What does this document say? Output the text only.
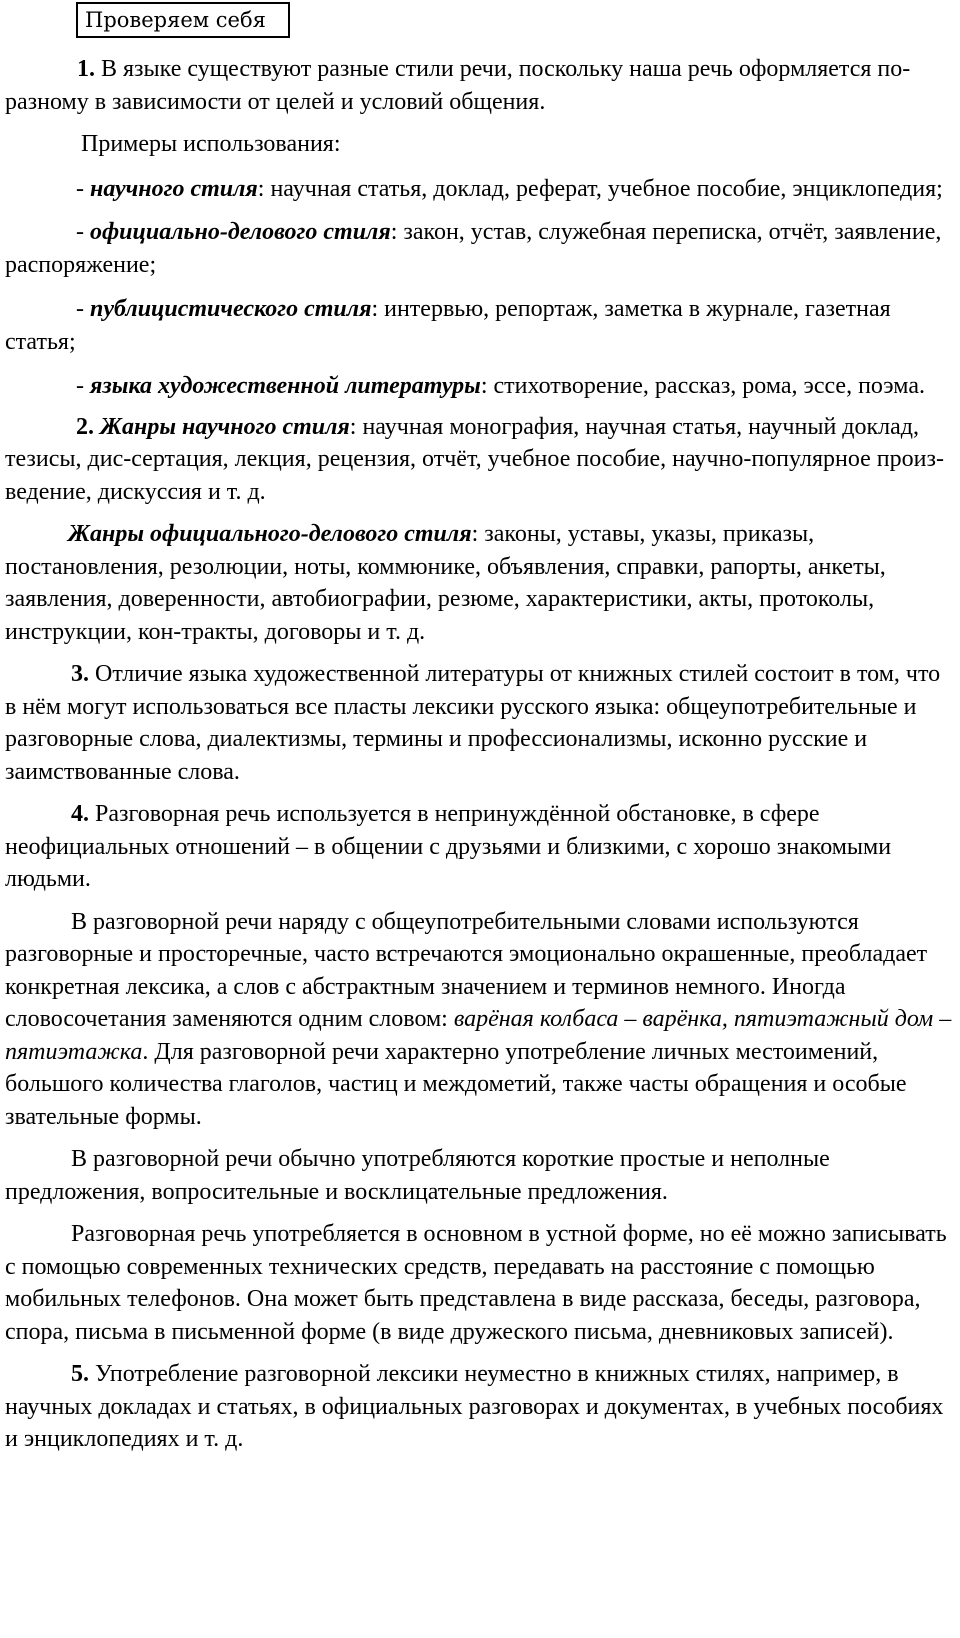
Проверяем себя

1. В языке существуют разные стили речи, поскольку наша речь оформляется по-разному в зависимости от целей и условий общения.

Примеры использования:

- научного стиля: научная статья, доклад, реферат, учебное пособие, энциклопедия;

- официально-делового стиля: закон, устав, служебная переписка, отчёт, заявление, распоряжение;

- публицистического стиля: интервью, репортаж, заметка в журнале, газетная статья;

- языка художественной литературы: стихотворение, рассказ, рома, эссе, поэма.

2. Жанры научного стиля: научная монография, научная статья, научный доклад, тезисы, дис-сертация, лекция, рецензия, отчёт, учебное пособие, научно-популярное произ-ведение, дискуссия и т. д.

Жанры официального-делового стиля: законы, уставы, указы, приказы, постановления, резолюции, ноты, коммюнике, объявления, справки, рапорты, анкеты, заявления, доверенности, автобиографии, резюме, характеристики, акты, протоколы, инструкции, кон-тракты, договоры и т. д.

3. Отличие языка художественной литературы от книжных стилей состоит в том, что в нём могут использоваться все пласты лексики русского языка: общеупотребительные и разговорные слова, диалектизмы, термины и профессионализмы, исконно русские и заимствованные слова.

4. Разговорная речь используется в непринуждённой обстановке, в сфере неофициальных отношений – в общении с друзьями и близкими, с хорошо знакомыми людьми.

В разговорной речи наряду с общеупотребительными словами используются разговорные и просторечные, часто встречаются эмоционально окрашенные, преобладает конкретная лексика, а слов с абстрактным значением и терминов немного. Иногда словосочетания заменяются одним словом: варёная колбаса – варёнка, пятиэтажный дом – пятиэтажка. Для разговорной речи характерно употребление личных местоимений, большого количества глаголов, частиц и междометий, также часты обращения и особые звательные формы.

В разговорной речи обычно употребляются короткие простые и неполные предложения, вопросительные и восклицательные предложения.

Разговорная речь употребляется в основном в устной форме, но её можно записывать с помощью современных технических средств, передавать на расстояние с помощью мобильных телефонов. Она может быть представлена в виде рассказа, беседы, разговора, спора, письма в письменной форме (в виде дружеского письма, дневниковых записей).

5. Употребление разговорной лексики неуместно в книжных стилях, например, в научных докладах и статьях, в официальных разговорах и документах, в учебных пособиях и энциклопедиях и т. д.
